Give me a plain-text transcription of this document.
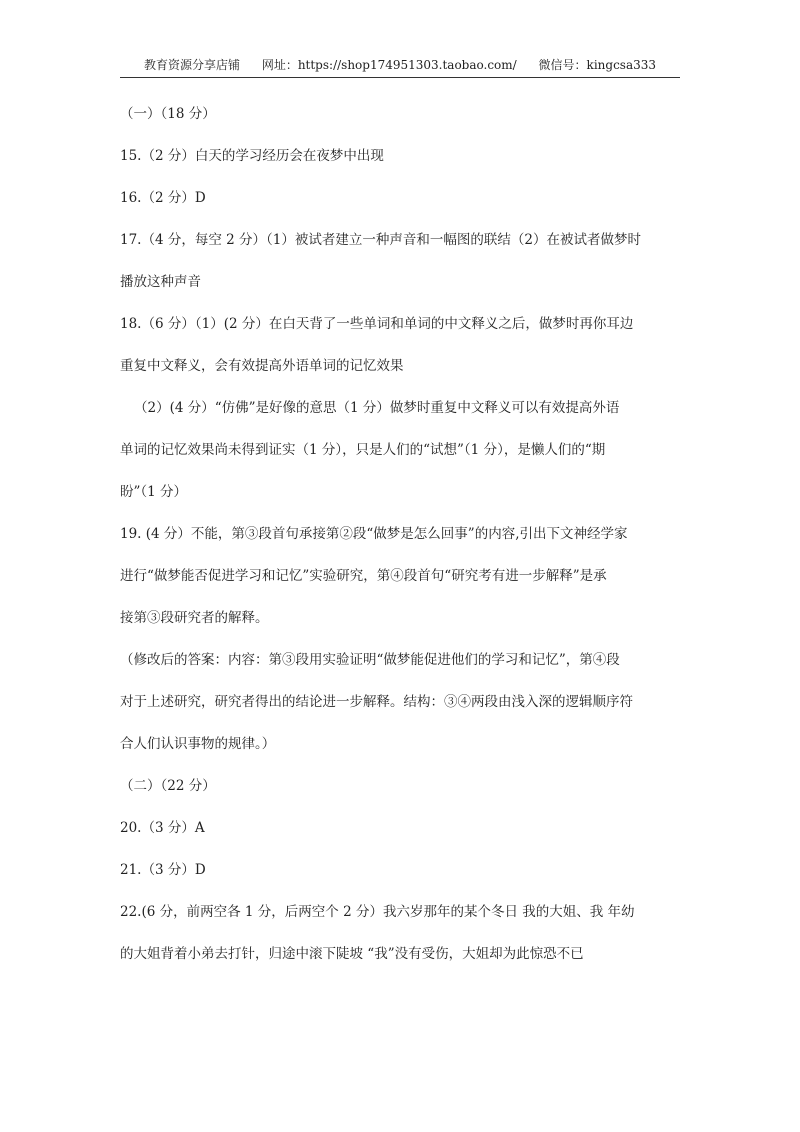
教育资源分享店铺 网址：https://shop174951303.taobao.com/ 微信号：kingcsa333
（一）（18 分）
15.（2 分）白天的学习经历会在夜梦中出现
16.（2 分）D
17.（4 分，每空 2 分）（1）被试者建立一种声音和一幅图的联结（2）在被试者做梦时
播放这种声音
18.（6 分）（1）(2 分）在白天背了一些单词和单词的中文释义之后，做梦时再你耳边
重复中文释义，会有效提高外语单词的记忆效果
（2）(4 分）“仿佛”是好像的意思（1 分）做梦时重复中文释义可以有效提高外语
单词的记忆效果尚未得到证实（1 分），只是人们的“试想”（1 分），是懒人们的“期
盼”（1 分）
19. (4 分）不能，第③段首句承接第②段“做梦是怎么回事”的内容,引出下文神经学家
进行“做梦能否促进学习和记忆”实验研究，第④段首句“研究考有进一步解释”是承
接第③段研究者的解释。
（修改后的答案：内容：第③段用实验证明“做梦能促进他们的学习和记忆”，第④段
对于上述研究，研究者得出的结论进一步解释。结构：③④两段由浅入深的逻辑顺序符
合人们认识事物的规律。）
（二）（22 分）
20.（3 分）A
21.（3 分）D
22.(6 分，前两空各 1 分，后两空个 2 分）我六岁那年的某个冬日 我的大姐、我 年幼
的大姐背着小弟去打针，归途中滚下陡坡 “我”没有受伤，大姐却为此惊恐不已
